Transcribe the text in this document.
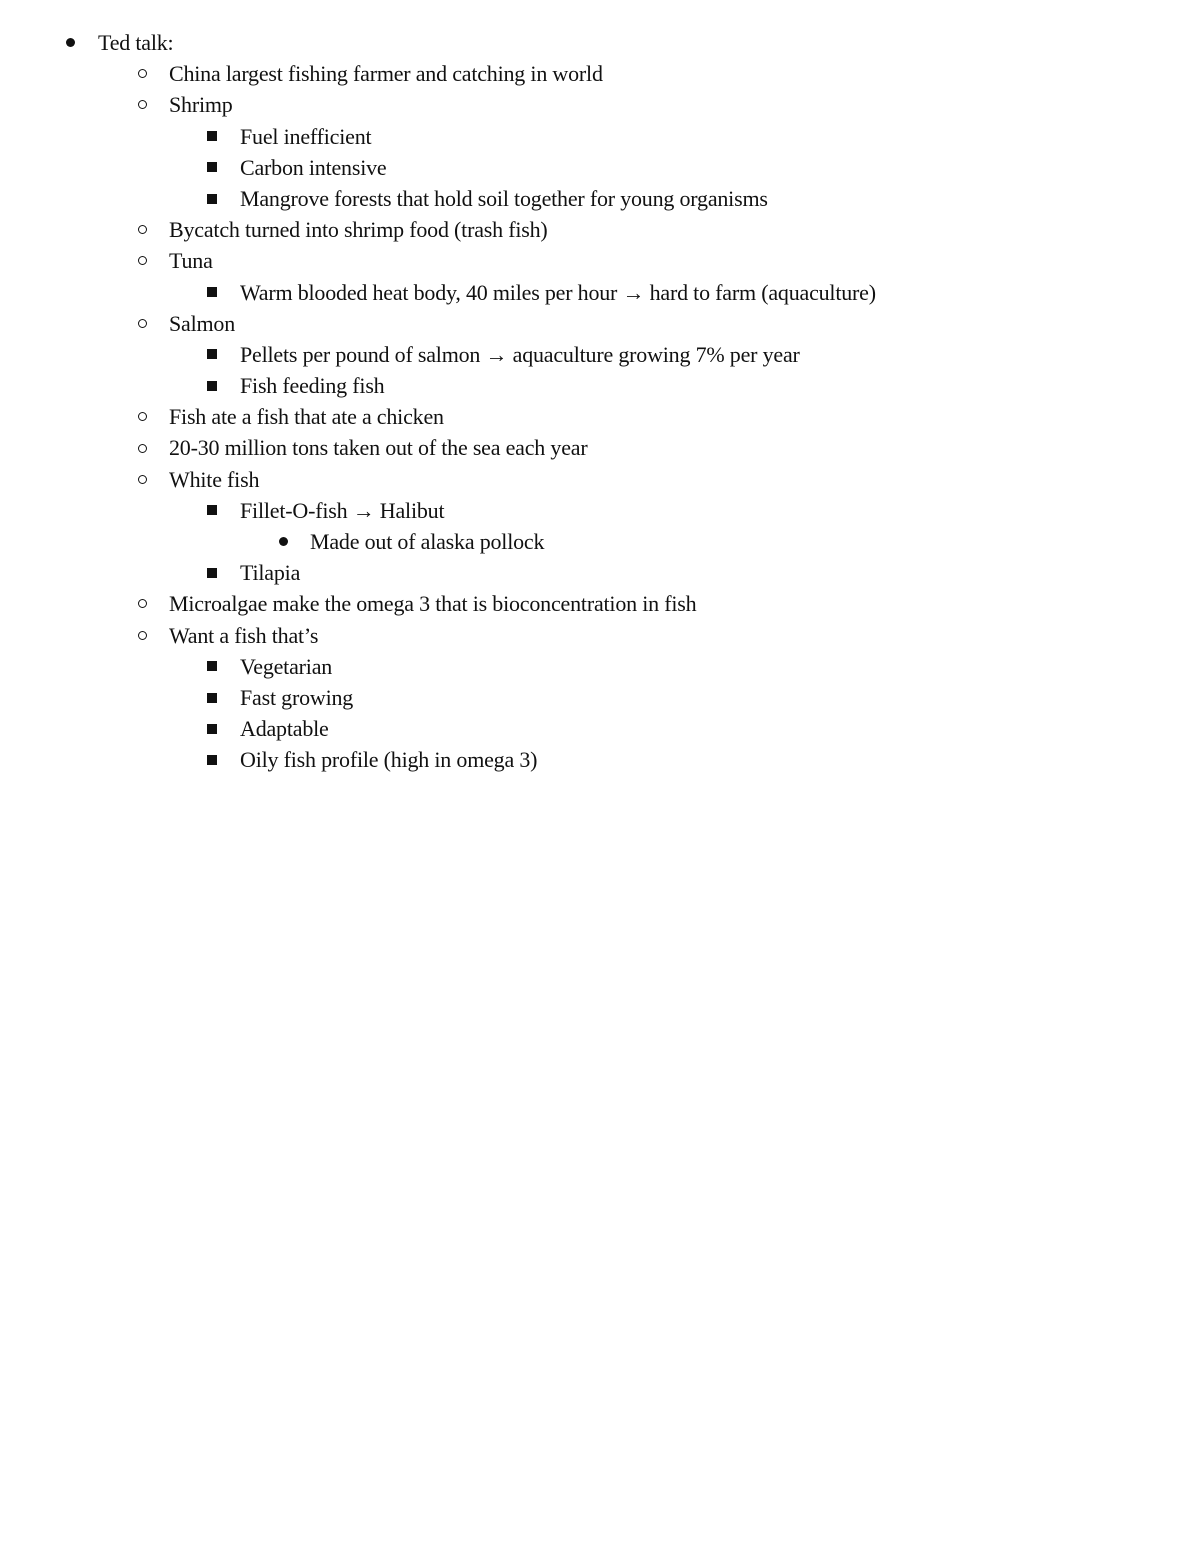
Ted talk:
China largest fishing farmer and catching in world
Shrimp
Fuel inefficient
Carbon intensive
Mangrove forests that hold soil together for young organisms
Bycatch turned into shrimp food (trash fish)
Tuna
Warm blooded heat body, 40 miles per hour → hard to farm (aquaculture)
Salmon
Pellets per pound of salmon → aquaculture growing 7% per year
Fish feeding fish
Fish ate a fish that ate a chicken
20-30 million tons taken out of the sea each year
White fish
Fillet-O-fish → Halibut
Made out of alaska pollock
Tilapia
Microalgae make the omega 3 that is bioconcentration in fish
Want a fish that’s
Vegetarian
Fast growing
Adaptable
Oily fish profile (high in omega 3)
